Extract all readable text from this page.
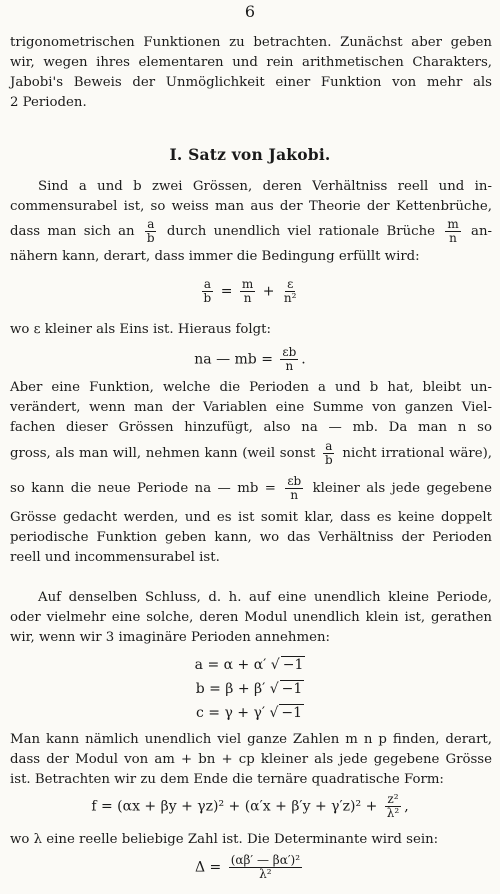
6
trigonometrischen Funktionen zu betrachten. Zunächst aber geben
wir, wegen ihres elementaren und rein arithmetischen Charakters,
Jabobi's Beweis der Unmöglichkeit einer Funktion von mehr als
2 Perioden.
I. Satz von Jakobi.
Sind a und b zwei Grössen, deren Verhältniss reell und in-
commensurabel ist, so weiss man aus der Theorie der Kettenbrüche,
dass man sich an $\frac{a}{b}$ durch unendlich viel rationale Brüche $\frac{m}{n} an-$
nähern kann, derart, dass immer die Bedingung erfüllt wird:
$\frac{a}{b} = \frac{m}{n} + \frac{\varepsilon}{\text{n²}}$
wo ε kleiner als Eins ist. Hieraus folgt:
na — mb = $\frac{\varepsilon b}{n}$ .
Aber eine Funktion, welche die Perioden a und b hat, bleibt un-
verändert, wenn man der Variablen eine Summe von ganzen Viel-
fachen dieser Grössen hinzufügt, also na — mb. Da man n so
gross, als man will, nehmen kann (weil sonst $\frac{a}{b}$ nicht irrational wäre),
so kann die neue Periode na — mb = $\frac{\varepsilon b}{n}$ kleiner als jede gegebene
Grösse gedacht werden, und es ist somit klar, dass es keine doppelt
periodische Funktion geben kann, wo das Verhältniss der Perioden
reell und incommensurabel ist.
Auf denselben Schluss, d. h. auf eine unendlich kleine Periode,
oder vielmehr eine solche, deren Modul unendlich klein ist, gerathen
wir, wenn wir 3 imaginäre Perioden annehmen:
a = α + α′ √ −1
b = β + β′ √ −1
c = γ + γ′ √ −1
Man kann nämlich unendlich viel ganze Zahlen m n p finden, derart,
dass der Modul von am + bn + cp kleiner als jede gegebene Grösse
ist. Betrachten wir zu dem Ende die ternäre quadratische Form:
$f = (\alpha x + \beta y + \gamma z)^2 + (\alpha'x + \beta'y + \gamma'z)^2 + \frac{\text{z²}}{\text{λ²}}$ ,
wo λ eine reelle beliebige Zahl ist. Die Determinante wird sein:
$\Delta = \frac{\text{(αβ′ — βα′)²}}{\text{λ²}}$
